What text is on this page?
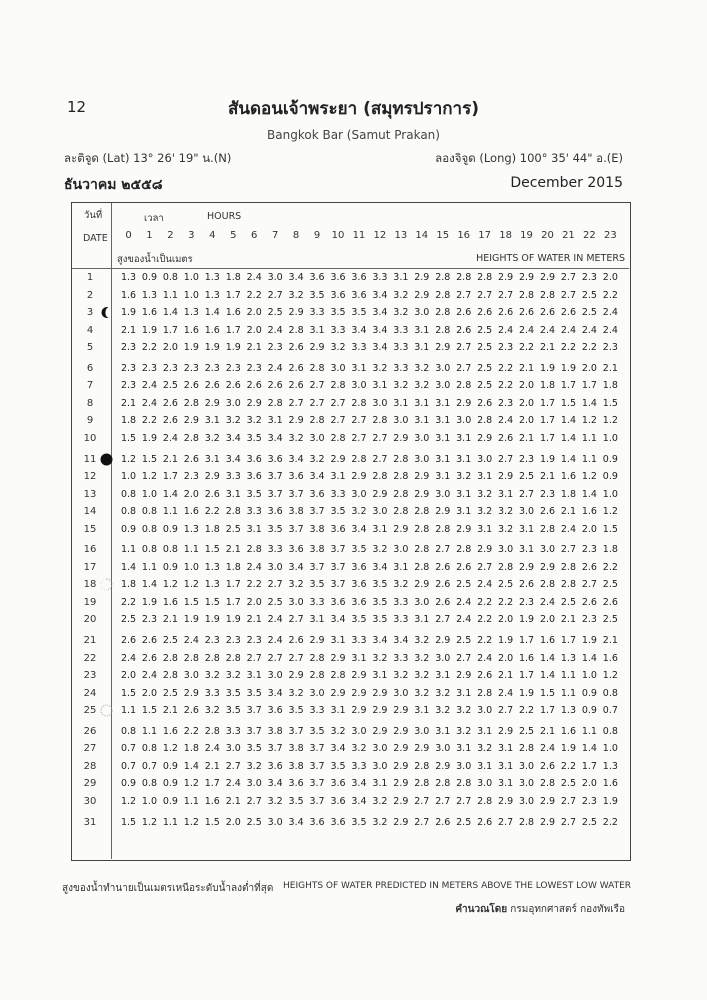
12	สันดอนเจ้าพระยา (สมุทรปราการ)
Bangkok Bar (Samut Prakan)
ละติจูด (Lat) 13° 26' 19" น.(N)	ลองจิจูด (Long) 100° 35' 44" อ.(E)
ธันวาคม ๒๕๕๘	December 2015
วันที่	เวลา	HOURS
DATE
สูงของน้ำเป็นเมตร	HEIGHTS OF WATER IN METERS
0	1	2	3	4	5	6	7	8	9	10 11 12 13 14 15 16 17 18 19 20 21 22 23
1	1.3 0.9 0.8 1.0 1.3 1.8 2.4 3.0 3.4 3.6 3.6 3.6 3.3 3.1 2.9 2.8 2.8 2.8 2.9 2.9 2.9 2.7 2.3 2.0
2	1.6 1.3 1.1 1.0 1.3 1.7 2.2 2.7 3.2 3.5 3.6 3.6 3.4 3.2 2.9 2.8 2.7 2.7 2.7 2.8 2.8 2.7 2.5 2.2
3	1.9 1.6 1.4 1.3 1.4 1.6 2.0 2.5 2.9 3.3 3.5 3.5 3.4 3.2 3.0 2.8 2.6 2.6 2.6 2.6 2.6 2.6 2.5 2.4
4	2.1 1.9 1.7 1.6 1.6 1.7 2.0 2.4 2.8 3.1 3.3 3.4 3.4 3.3 3.1 2.8 2.6 2.5 2.4 2.4 2.4 2.4 2.4 2.4
5	2.3 2.2 2.0 1.9 1.9 1.9 2.1 2.3 2.6 2.9 3.2 3.3 3.4 3.3 3.1 2.9 2.7 2.5 2.3 2.2 2.1 2.2 2.2 2.3
6	2.3 2.3 2.3 2.3 2.3 2.3 2.3 2.4 2.6 2.8 3.0 3.1 3.2 3.3 3.2 3.0 2.7 2.5 2.2 2.1 1.9 1.9 2.0 2.1
7	2.3 2.4 2.5 2.6 2.6 2.6 2.6 2.6 2.6 2.7 2.8 3.0 3.1 3.2 3.2 3.0 2.8 2.5 2.2 2.0 1.8 1.7 1.7 1.8
8	2.1 2.4 2.6 2.8 2.9 3.0 2.9 2.8 2.7 2.7 2.7 2.8 3.0 3.1 3.1 3.1 2.9 2.6 2.3 2.0 1.7 1.5 1.4 1.5
9	1.8 2.2 2.6 2.9 3.1 3.2 3.2 3.1 2.9 2.8 2.7 2.7 2.8 3.0 3.1 3.1 3.0 2.8 2.4 2.0 1.7 1.4 1.2 1.2
10	1.5 1.9 2.4 2.8 3.2 3.4 3.5 3.4 3.2 3.0 2.8 2.7 2.7 2.9 3.0 3.1 3.1 2.9 2.6 2.1 1.7 1.4 1.1 1.0
11	1.2 1.5 2.1 2.6 3.1 3.4 3.6 3.6 3.4 3.2 2.9 2.8 2.7 2.8 3.0 3.1 3.1 3.0 2.7 2.3 1.9 1.4 1.1 0.9
12	1.0 1.2 1.7 2.3 2.9 3.3 3.6 3.7 3.6 3.4 3.1 2.9 2.8 2.8 2.9 3.1 3.2 3.1 2.9 2.5 2.1 1.6 1.2 0.9
13	0.8 1.0 1.4 2.0 2.6 3.1 3.5 3.7 3.7 3.6 3.3 3.0 2.9 2.8 2.9 3.0 3.1 3.2 3.1 2.7 2.3 1.8 1.4 1.0
14	0.8 0.8 1.1 1.6 2.2 2.8 3.3 3.6 3.8 3.7 3.5 3.2 3.0 2.8 2.8 2.9 3.1 3.2 3.2 3.0 2.6 2.1 1.6 1.2
15	0.9 0.8 0.9 1.3 1.8 2.5 3.1 3.5 3.7 3.8 3.6 3.4 3.1 2.9 2.8 2.8 2.9 3.1 3.2 3.1 2.8 2.4 2.0 1.5
16	1.1 0.8 0.8 1.1 1.5 2.1 2.8 3.3 3.6 3.8 3.7 3.5 3.2 3.0 2.8 2.7 2.8 2.9 3.0 3.1 3.0 2.7 2.3 1.8
17	1.4 1.1 0.9 1.0 1.3 1.8 2.4 3.0 3.4 3.7 3.7 3.6 3.4 3.1 2.8 2.6 2.6 2.7 2.8 2.9 2.9 2.8 2.6 2.2
18	1.8 1.4 1.2 1.2 1.3 1.7 2.2 2.7 3.2 3.5 3.7 3.6 3.5 3.2 2.9 2.6 2.5 2.4 2.5 2.6 2.8 2.8 2.7 2.5
19	2.2 1.9 1.6 1.5 1.5 1.7 2.0 2.5 3.0 3.3 3.6 3.6 3.5 3.3 3.0 2.6 2.4 2.2 2.2 2.3 2.4 2.5 2.6 2.6
20	2.5 2.3 2.1 1.9 1.9 1.9 2.1 2.4 2.7 3.1 3.4 3.5 3.5 3.3 3.1 2.7 2.4 2.2 2.0 1.9 2.0 2.1 2.3 2.5
21	2.6 2.6 2.5 2.4 2.3 2.3 2.3 2.4 2.6 2.9 3.1 3.3 3.4 3.4 3.2 2.9 2.5 2.2 1.9 1.7 1.6 1.7 1.9 2.1
22	2.4 2.6 2.8 2.8 2.8 2.8 2.7 2.7 2.7 2.8 2.9 3.1 3.2 3.3 3.2 3.0 2.7 2.4 2.0 1.6 1.4 1.3 1.4 1.6
23	2.0 2.4 2.8 3.0 3.2 3.2 3.1 3.0 2.9 2.8 2.8 2.9 3.1 3.2 3.2 3.1 2.9 2.6 2.1 1.7 1.4 1.1 1.0 1.2
24	1.5 2.0 2.5 2.9 3.3 3.5 3.5 3.4 3.2 3.0 2.9 2.9 2.9 3.0 3.2 3.2 3.1 2.8 2.4 1.9 1.5 1.1 0.9 0.8
25	1.1 1.5 2.1 2.6 3.2 3.5 3.7 3.6 3.5 3.3 3.1 2.9 2.9 2.9 3.1 3.2 3.2 3.0 2.7 2.2 1.7 1.3 0.9 0.7
26	0.8 1.1 1.6 2.2 2.8 3.3 3.7 3.8 3.7 3.5 3.2 3.0 2.9 2.9 3.0 3.1 3.2 3.1 2.9 2.5 2.1 1.6 1.1 0.8
27	0.7 0.8 1.2 1.8 2.4 3.0 3.5 3.7 3.8 3.7 3.4 3.2 3.0 2.9 2.9 3.0 3.1 3.2 3.1 2.8 2.4 1.9 1.4 1.0
28	0.7 0.7 0.9 1.4 2.1 2.7 3.2 3.6 3.8 3.7 3.5 3.3 3.0 2.9 2.8 2.9 3.0 3.1 3.1 3.0 2.6 2.2 1.7 1.3
29	0.9 0.8 0.9 1.2 1.7 2.4 3.0 3.4 3.6 3.7 3.6 3.4 3.1 2.9 2.8 2.8 2.8 3.0 3.1 3.0 2.8 2.5 2.0 1.6
30	1.2 1.0 0.9 1.1 1.6 2.1 2.7 3.2 3.5 3.7 3.6 3.4 3.2 2.9 2.7 2.7 2.7 2.8 2.9 3.0 2.9 2.7 2.3 1.9
31	1.5 1.2 1.1 1.2 1.5 2.0 2.5 3.0 3.4 3.6 3.6 3.5 3.2 2.9 2.7 2.6 2.5 2.6 2.7 2.8 2.9 2.7 2.5 2.2
สูงของน้ำทำนายเป็นเมตรเหนือระดับน้ำลงต่ำที่สุด HEIGHTS OF WATER PREDICTED IN METERS ABOVE THE LOWEST LOW WATER
คำนวณโดย กรมอุทกศาสตร์ กองทัพเรือ
